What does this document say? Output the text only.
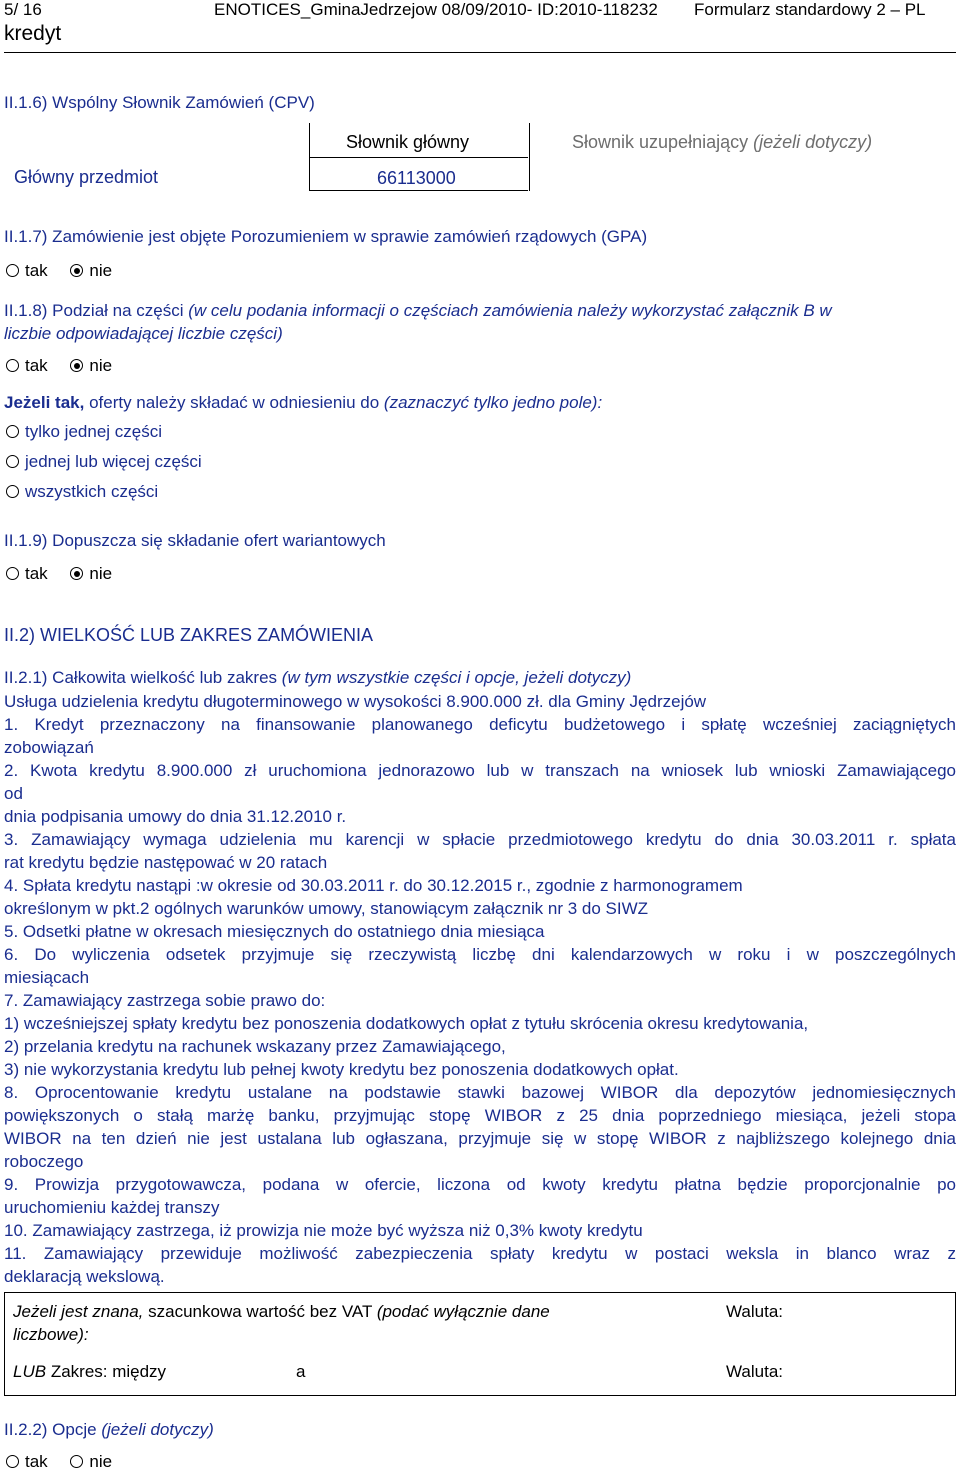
5/ 16	ENOTICES_GminaJedrzejow 08/09/2010- ID:2010-118232 Formularz standardowy 2 – PL
kredyt
II.1.6) Wspólny Słownik Zamówień (CPV)
Słownik główny	Słownik uzupełniający (jeżeli dotyczy)
Główny przedmiot	66113000
II.1.7) Zamówienie jest objęte Porozumieniem w sprawie zamówień rządowych (GPA)
tak nie
II.1.8) Podział na części (w celu podania informacji o częściach zamówienia należy wykorzystać załącznik B w
liczbie odpowiadającej liczbie części)
tak nie
Jeżeli tak, oferty należy składać w odniesieniu do (zaznaczyć tylko jedno pole):
tylko jednej części
jednej lub więcej części
wszystkich części
II.1.9) Dopuszcza się składanie ofert wariantowych
tak nie
II.2) WIELKOŚĆ LUB ZAKRES ZAMÓWIENIA
II.2.1) Całkowita wielkość lub zakres (w tym wszystkie części i opcje, jeżeli dotyczy)
Usługa udzielenia kredytu długoterminowego w wysokości 8.900.000 zł. dla Gminy Jędrzejów
1. Kredyt przeznaczony na finansowanie planowanego deficytu budżetowego i spłatę wcześniej zaciągniętych
zobowiązań
2. Kwota kredytu 8.900.000 zł uruchomiona jednorazowo lub w transzach na wniosek lub wnioski Zamawiającego
od
dnia podpisania umowy do dnia 31.12.2010 r.
3. Zamawiający wymaga udzielenia mu karencji w spłacie przedmiotowego kredytu do dnia 30.03.2011 r. spłata
rat kredytu będzie następować w 20 ratach
4. Spłata kredytu nastąpi :w okresie od 30.03.2011 r. do 30.12.2015 r., zgodnie z harmonogramem
określonym w pkt.2 ogólnych warunków umowy, stanowiącym załącznik nr 3 do SIWZ
5. Odsetki płatne w okresach miesięcznych do ostatniego dnia miesiąca
6. Do wyliczenia odsetek przyjmuje się rzeczywistą liczbę dni kalendarzowych w roku i w poszczególnych
miesiącach
7. Zamawiający zastrzega sobie prawo do:
1) wcześniejszej spłaty kredytu bez ponoszenia dodatkowych opłat z tytułu skrócenia okresu kredytowania,
2) przelania kredytu na rachunek wskazany przez Zamawiającego,
3) nie wykorzystania kredytu lub pełnej kwoty kredytu bez ponoszenia dodatkowych opłat.
8. Oprocentowanie kredytu ustalane na podstawie stawki bazowej WIBOR dla depozytów jednomiesięcznych
powiększonych o stałą marżę banku, przyjmując stopę WIBOR z 25 dnia poprzedniego miesiąca, jeżeli stopa
WIBOR na ten dzień nie jest ustalana lub ogłaszana, przyjmuje się w stopę WIBOR z najbliższego kolejnego dnia
roboczego
9. Prowizja przygotowawcza, podana w ofercie, liczona od kwoty kredytu płatna będzie proporcjonalnie po
uruchomieniu każdej transzy
10. Zamawiający zastrzega, iż prowizja nie może być wyższa niż 0,3% kwoty kredytu
11. Zamawiający przewiduje możliwość zabezpieczenia spłaty kredytu w postaci weksla in blanco wraz z
deklaracją wekslową.
Jeżeli jest znana, szacunkowa wartość bez VAT (podać wyłącznie dane
liczbowe):
Waluta:
LUB Zakres: między	a	Waluta:
II.2.2) Opcje (jeżeli dotyczy)
tak nie
